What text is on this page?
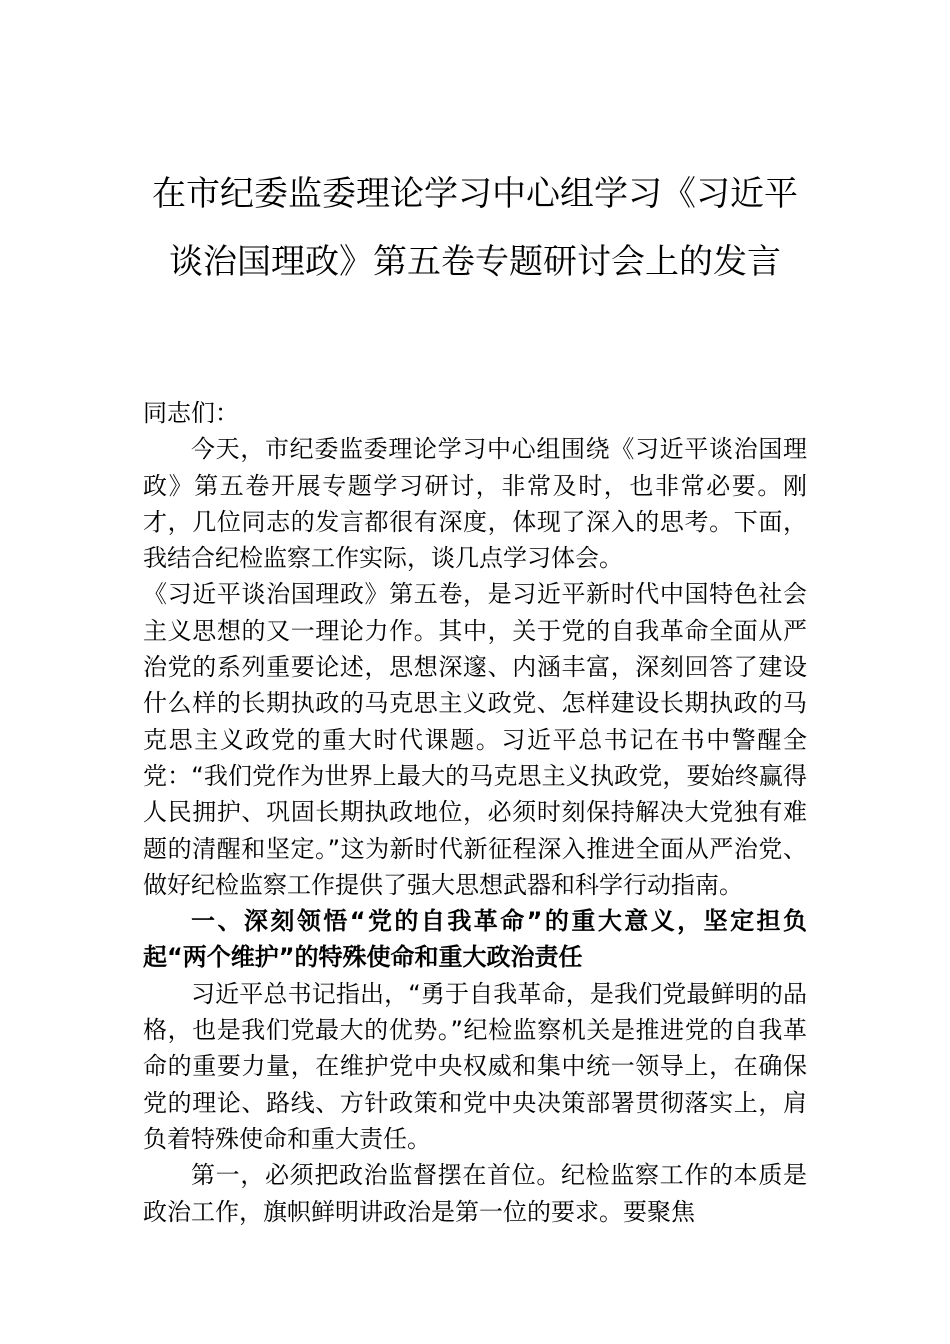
在市纪委监委理论学习中心组学习《习近平谈治国理政》第五卷专题研讨会上的发言

同志们：

今天，市纪委监委理论学习中心组围绕《习近平谈治国理政》第五卷开展专题学习研讨，非常及时，也非常必要。刚才，几位同志的发言都很有深度，体现了深入的思考。下面，我结合纪检监察工作实际，谈几点学习体会。

《习近平谈治国理政》第五卷，是习近平新时代中国特色社会主义思想的又一理论力作。其中，关于党的自我革命全面从严治党的系列重要论述，思想深邃、内涵丰富，深刻回答了建设什么样的长期执政的马克思主义政党、怎样建设长期执政的马克思主义政党的重大时代课题。习近平总书记在书中警醒全党：“我们党作为世界上最大的马克思主义执政党，要始终赢得人民拥护、巩固长期执政地位，必须时刻保持解决大党独有难题的清醒和坚定。”这为新时代新征程深入推进全面从严治党、做好纪检监察工作提供了强大思想武器和科学行动指南。

一、深刻领悟“党的自我革命”的重大意义，坚定担负起“两个维护”的特殊使命和重大政治责任

习近平总书记指出，“勇于自我革命，是我们党最鲜明的品格，也是我们党最大的优势。”纪检监察机关是推进党的自我革命的重要力量，在维护党中央权威和集中统一领导上，在确保党的理论、路线、方针政策和党中央决策部署贯彻落实上，肩负着特殊使命和重大责任。

第一，必须把政治监督摆在首位。纪检监察工作的本质是政治工作，旗帜鲜明讲政治是第一位的要求。要聚焦
